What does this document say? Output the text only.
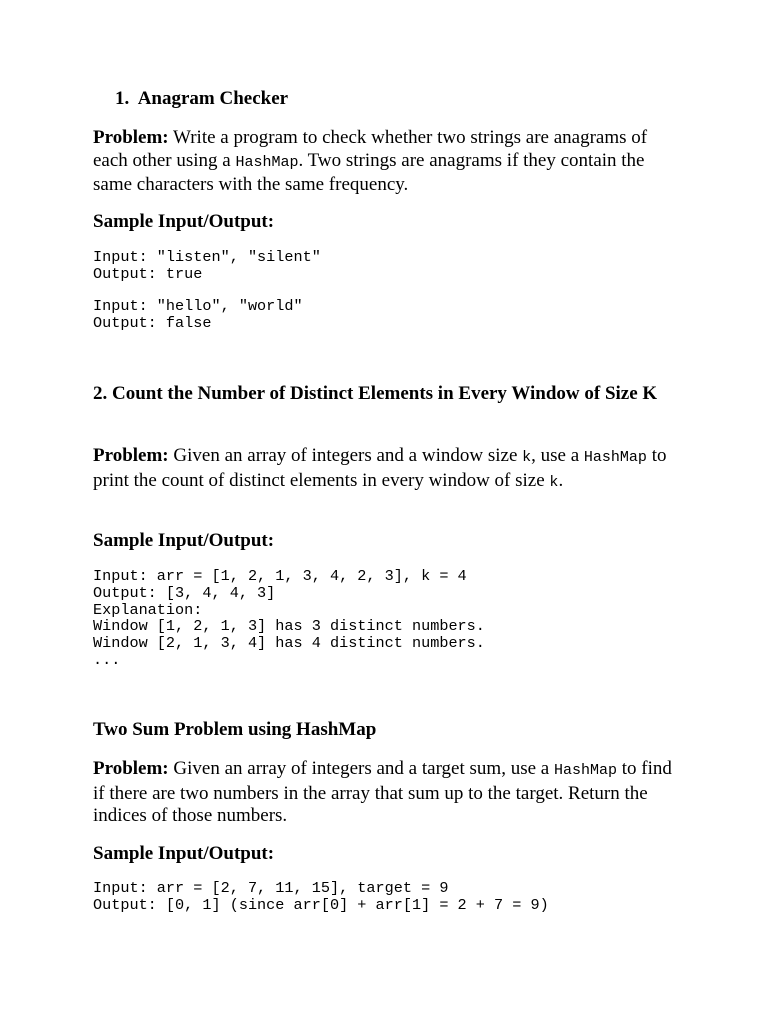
1. Anagram Checker

Problem: Write a program to check whether two strings are anagrams of each other using a HashMap. Two strings are anagrams if they contain the same characters with the same frequency.

Sample Input/Output:
Input: "listen", "silent"
Output: true
Input: "hello", "world"
Output: false
2. Count the Number of Distinct Elements in Every Window of Size K

Problem: Given an array of integers and a window size k, use a HashMap to print the count of distinct elements in every window of size k.

Sample Input/Output:
Input: arr = [1, 2, 1, 3, 4, 2, 3], k = 4
Output: [3, 4, 4, 3]
Explanation:
Window [1, 2, 1, 3] has 3 distinct numbers.
Window [2, 1, 3, 4] has 4 distinct numbers.
...
Two Sum Problem using HashMap

Problem: Given an array of integers and a target sum, use a HashMap to find if there are two numbers in the array that sum up to the target. Return the indices of those numbers.

Sample Input/Output:
Input: arr = [2, 7, 11, 15], target = 9
Output: [0, 1] (since arr[0] + arr[1] = 2 + 7 = 9)
